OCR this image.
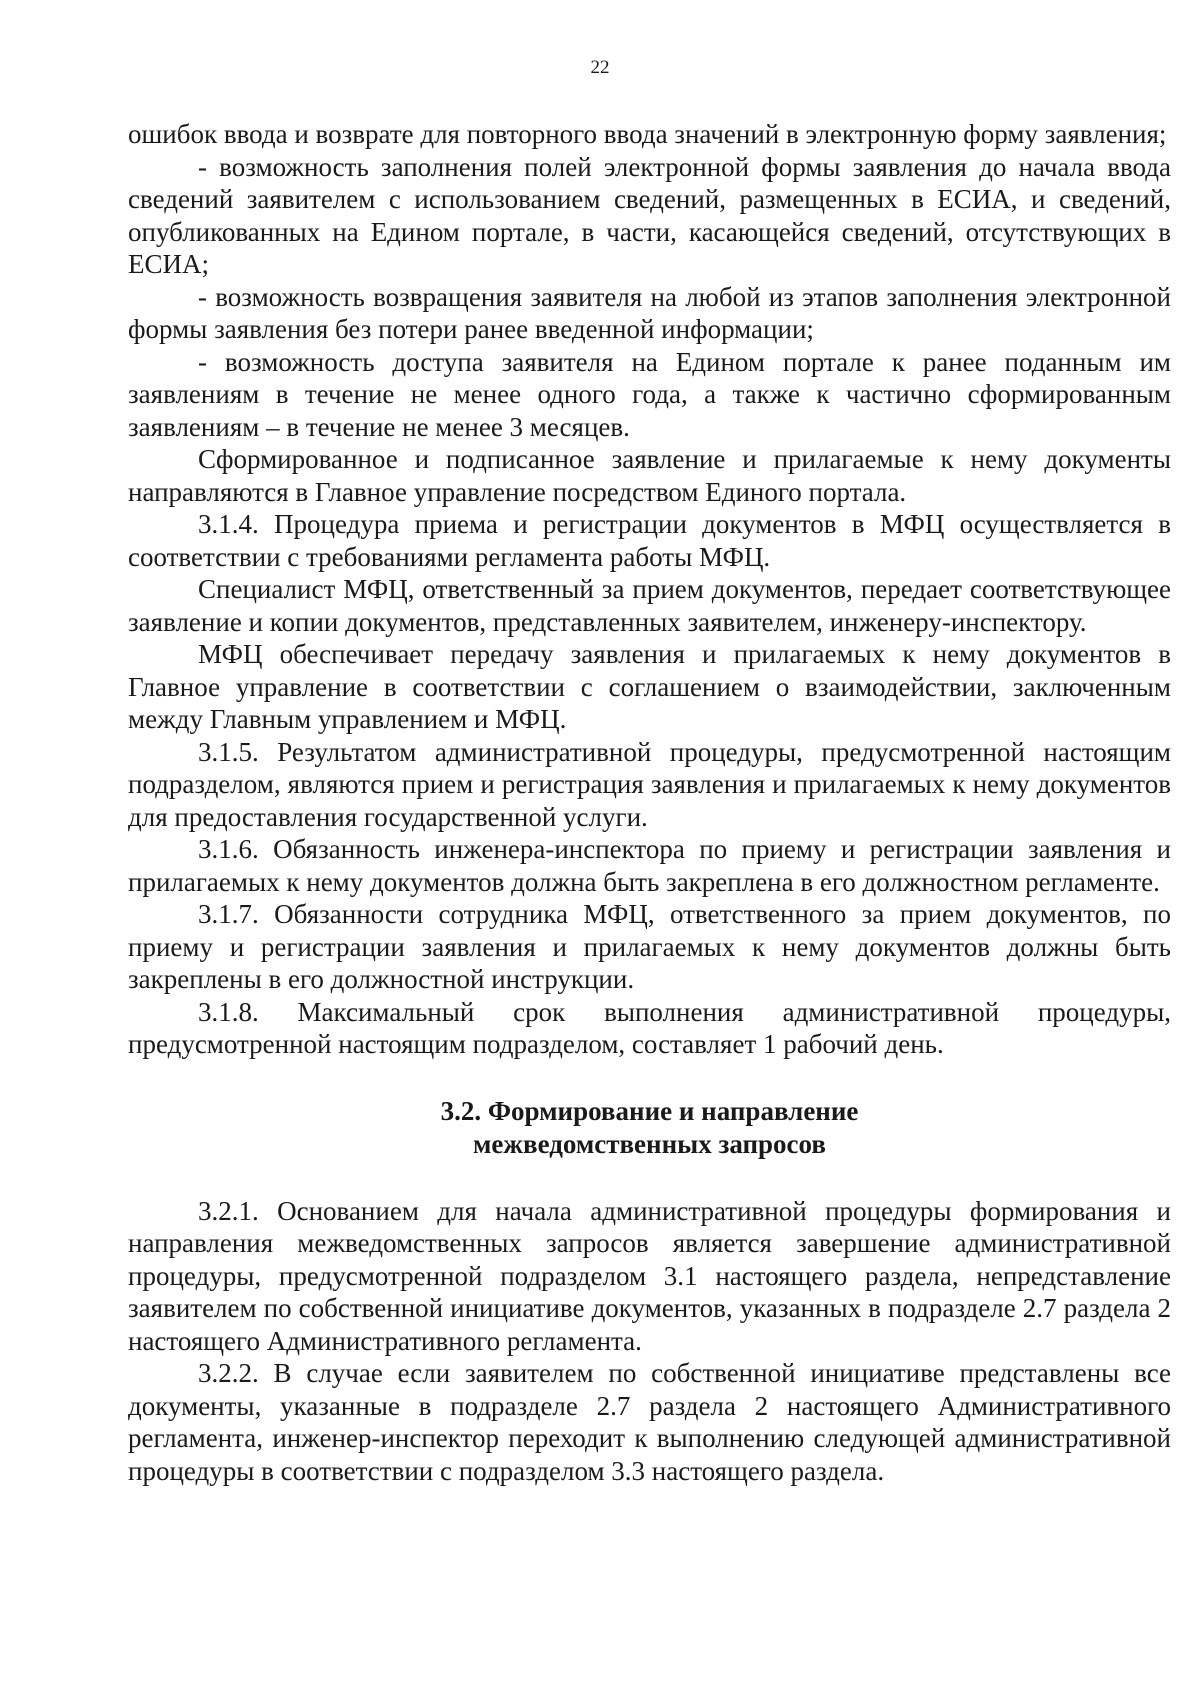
22

ошибок ввода и возврате для повторного ввода значений в электронную форму заявления;

- возможность заполнения полей электронной формы заявления до начала ввода сведений заявителем с использованием сведений, размещенных в ЕСИА, и сведений, опубликованных на Едином портале, в части, касающейся сведений, отсутствующих в ЕСИА;

- возможность возвращения заявителя на любой из этапов заполнения электронной формы заявления без потери ранее введенной информации;

- возможность доступа заявителя на Едином портале к ранее поданным им заявлениям в течение не менее одного года, а также к частично сформированным заявлениям – в течение не менее 3 месяцев.

Сформированное и подписанное заявление и прилагаемые к нему документы направляются в Главное управление посредством Единого портала.

3.1.4. Процедура приема и регистрации документов в МФЦ осуществляется в соответствии с требованиями регламента работы МФЦ.

Специалист МФЦ, ответственный за прием документов, передает соответствующее заявление и копии документов, представленных заявителем, инженеру-инспектору.

МФЦ обеспечивает передачу заявления и прилагаемых к нему документов в Главное управление в соответствии с соглашением о взаимодействии, заключенным между Главным управлением и МФЦ.

3.1.5. Результатом административной процедуры, предусмотренной настоящим подразделом, являются прием и регистрация заявления и прилагаемых к нему документов для предоставления государственной услуги.

3.1.6. Обязанность инженера-инспектора по приему и регистрации заявления и прилагаемых к нему документов должна быть закреплена в его должностном регламенте.

3.1.7. Обязанности сотрудника МФЦ, ответственного за прием документов, по приему и регистрации заявления и прилагаемых к нему документов должны быть закреплены в его должностной инструкции.

3.1.8. Максимальный срок выполнения административной процедуры, предусмотренной настоящим подразделом, составляет 1 рабочий день.

3.2. Формирование и направление
межведомственных запросов

3.2.1. Основанием для начала административной процедуры формирования и направления межведомственных запросов является завершение административной процедуры, предусмотренной подразделом 3.1 настоящего раздела, непредставление заявителем по собственной инициативе документов, указанных в подразделе 2.7 раздела 2 настоящего Административного регламента.

3.2.2. В случае если заявителем по собственной инициативе представлены все документы, указанные в подразделе 2.7 раздела 2 настоящего Административного регламента, инженер-инспектор переходит к выполнению следующей административной процедуры в соответствии с подразделом 3.3 настоящего раздела.
